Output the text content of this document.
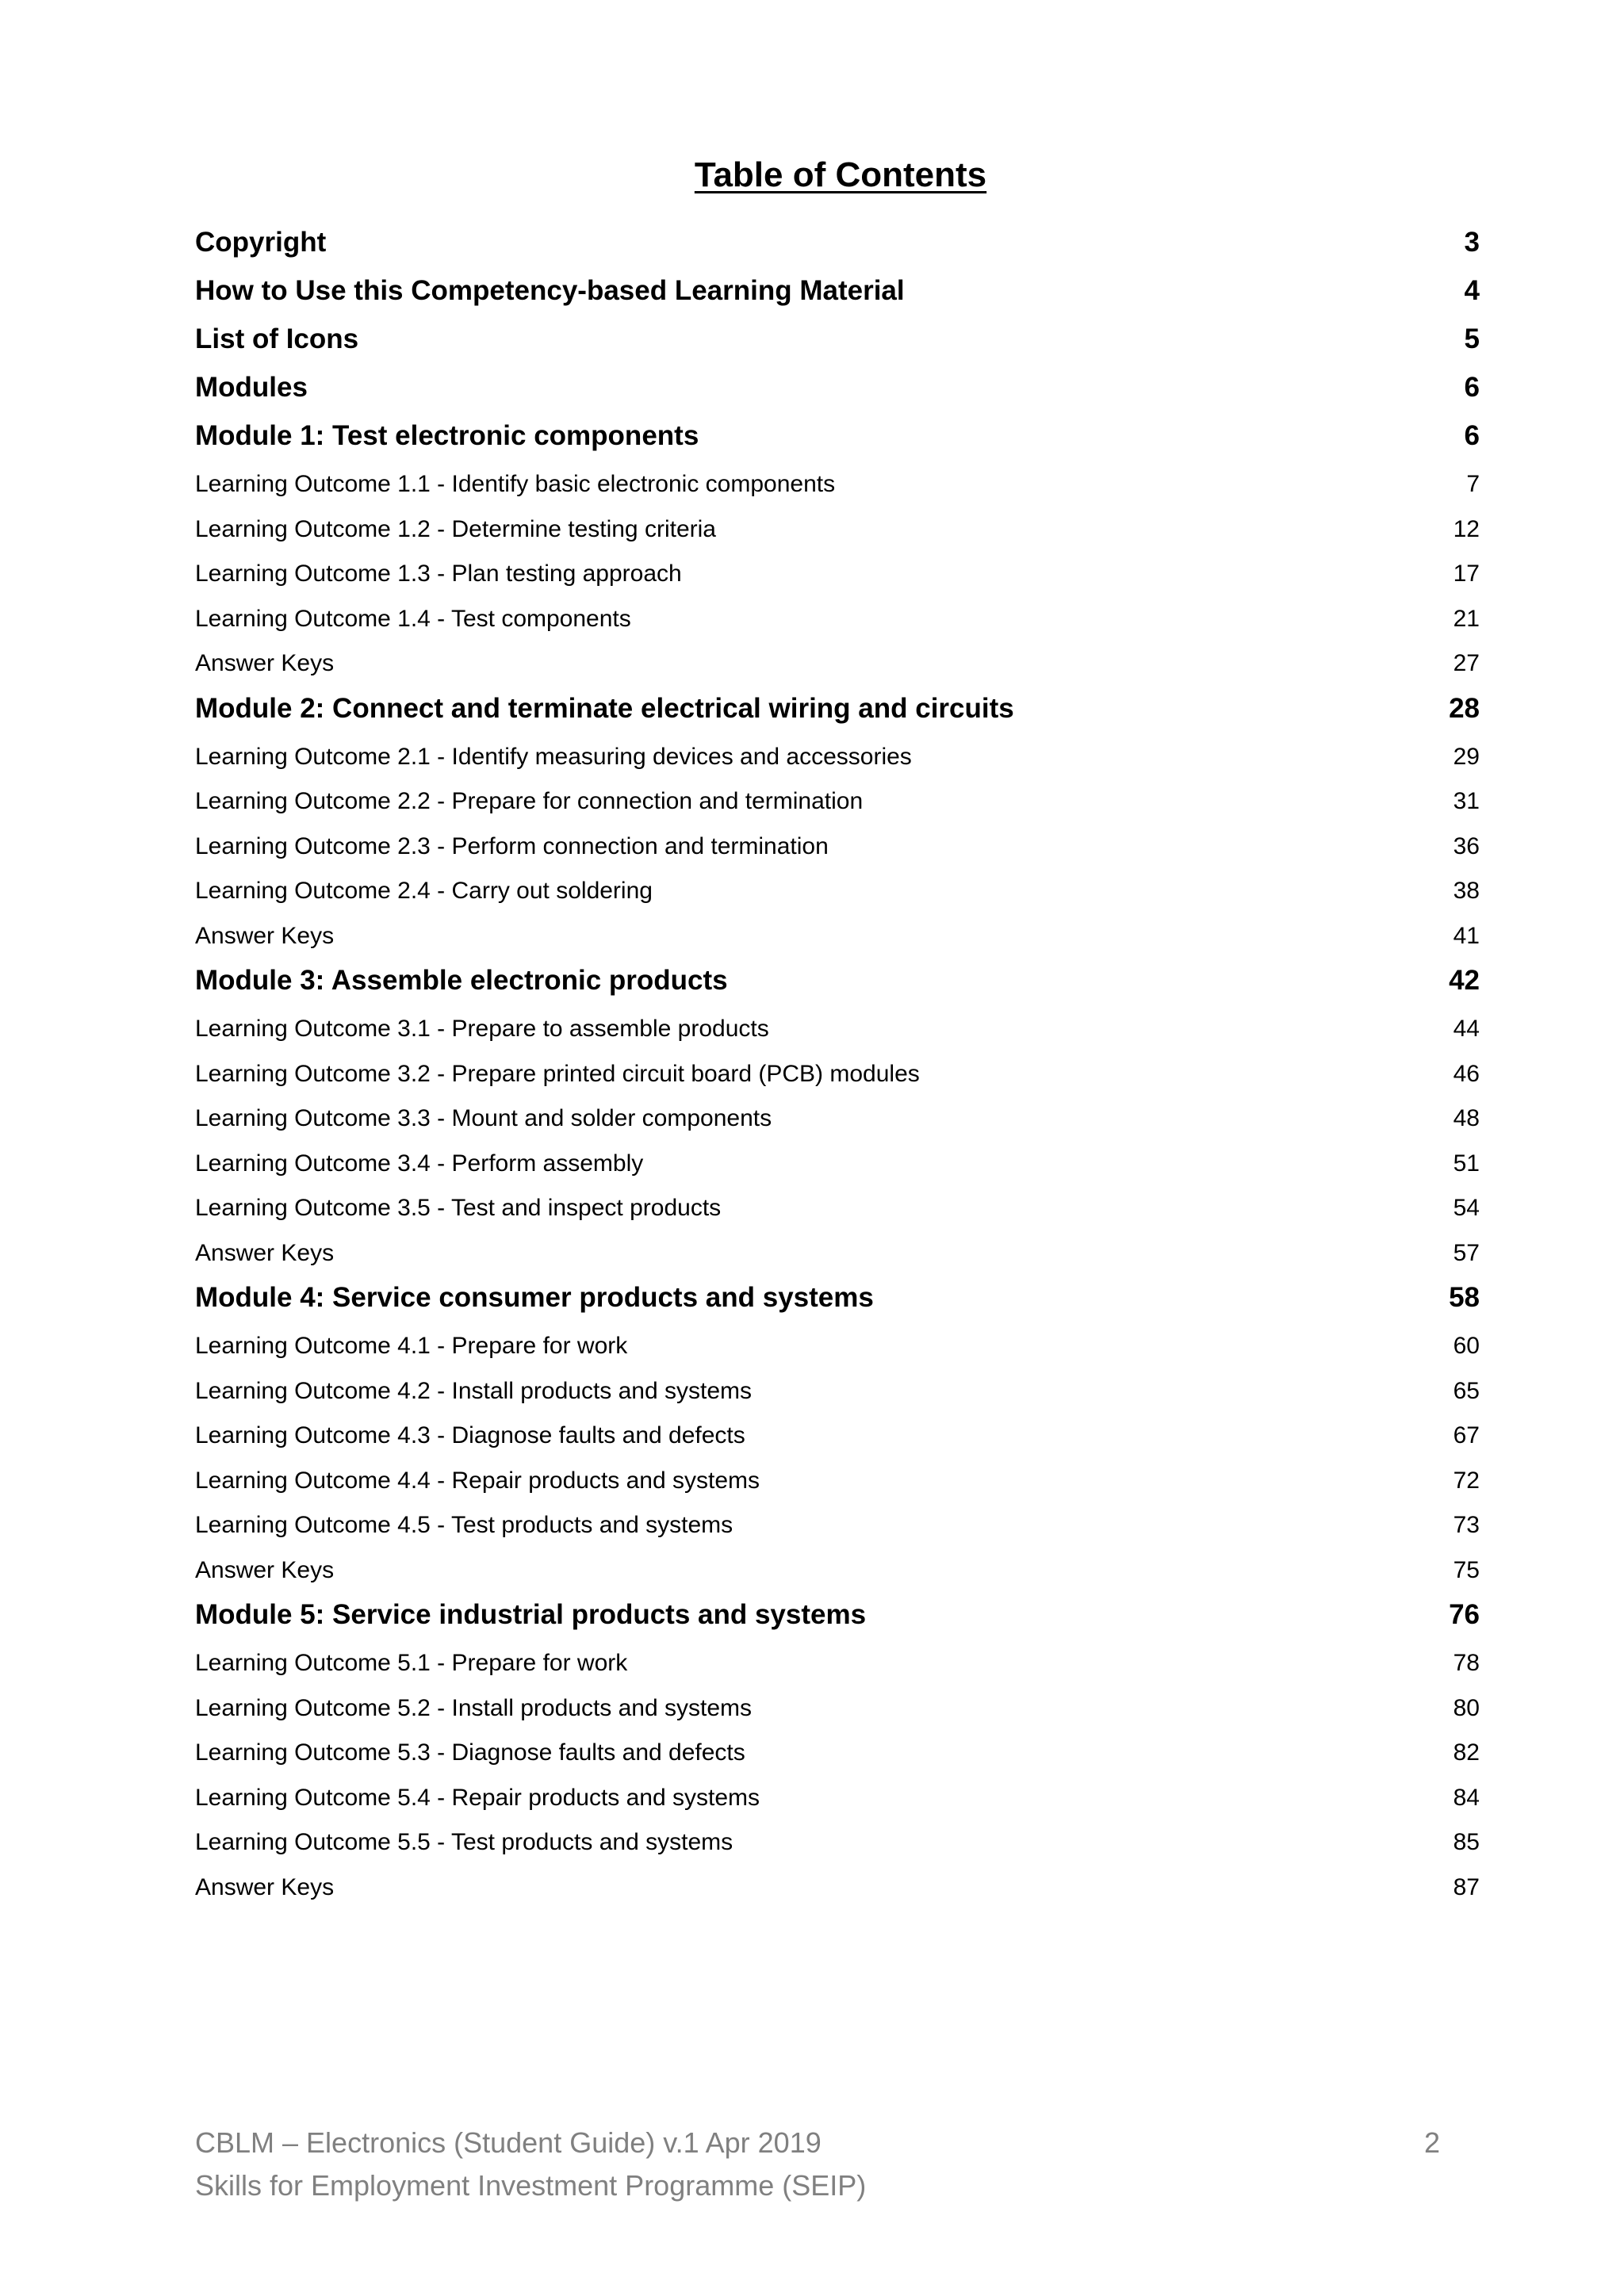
Table of Contents
Copyright	3
How to Use this Competency-based Learning Material	4
List of Icons	5
Modules	6
Module 1: Test electronic components	6
Learning Outcome 1.1 - Identify basic electronic components	7
Learning Outcome 1.2 - Determine testing criteria	12
Learning Outcome 1.3 - Plan testing approach	17
Learning Outcome 1.4 - Test components	21
Answer Keys	27
Module 2: Connect and terminate electrical wiring and circuits	28
Learning Outcome 2.1 - Identify measuring devices and accessories	29
Learning Outcome 2.2 - Prepare for connection and termination	31
Learning Outcome 2.3 - Perform connection and termination	36
Learning Outcome 2.4 - Carry out soldering	38
Answer Keys	41
Module 3: Assemble electronic products	42
Learning Outcome 3.1 - Prepare to assemble products	44
Learning Outcome 3.2 - Prepare printed circuit board (PCB) modules	46
Learning Outcome 3.3 - Mount and solder components	48
Learning Outcome 3.4 - Perform assembly	51
Learning Outcome 3.5 - Test and inspect products	54
Answer Keys	57
Module 4: Service consumer products and systems	58
Learning Outcome 4.1 - Prepare for work	60
Learning Outcome 4.2 - Install products and systems	65
Learning Outcome 4.3 - Diagnose faults and defects	67
Learning Outcome 4.4 - Repair products and systems	72
Learning Outcome 4.5 - Test products and systems	73
Answer Keys	75
Module 5: Service industrial products and systems	76
Learning Outcome 5.1 - Prepare for work	78
Learning Outcome 5.2 - Install products and systems	80
Learning Outcome 5.3 - Diagnose faults and defects	82
Learning Outcome 5.4 - Repair products and systems	84
Learning Outcome 5.5 - Test products and systems	85
Answer Keys	87
CBLM – Electronics (Student Guide) v.1 Apr 2019	2
Skills for Employment Investment Programme (SEIP)
